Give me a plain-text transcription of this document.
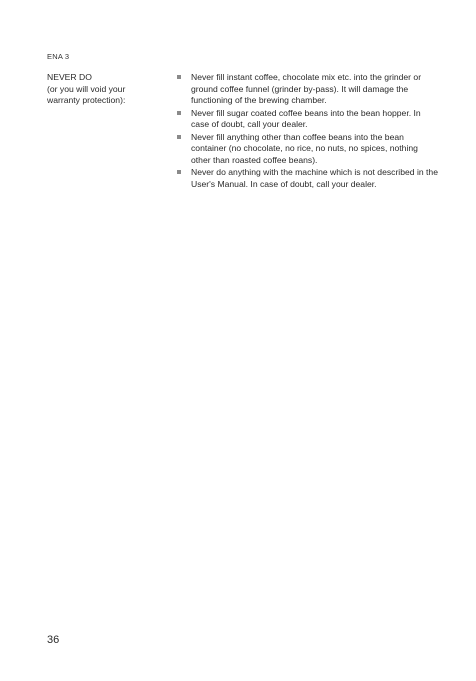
ENA 3
NEVER DO
(or you will void your
warranty protection):
Never fill instant coffee, chocolate mix etc. into the grinder or ground coffee funnel (grinder by-pass). It will damage the functioning of the brewing chamber.
Never fill sugar coated coffee beans into the bean hopper. In case of doubt, call your dealer.
Never fill anything other than coffee beans into the bean container (no chocolate, no rice, no nuts, no spices, nothing other than roasted coffee beans).
Never do anything with the machine which is not described in the User's Manual. In case of doubt, call your dealer.
36
